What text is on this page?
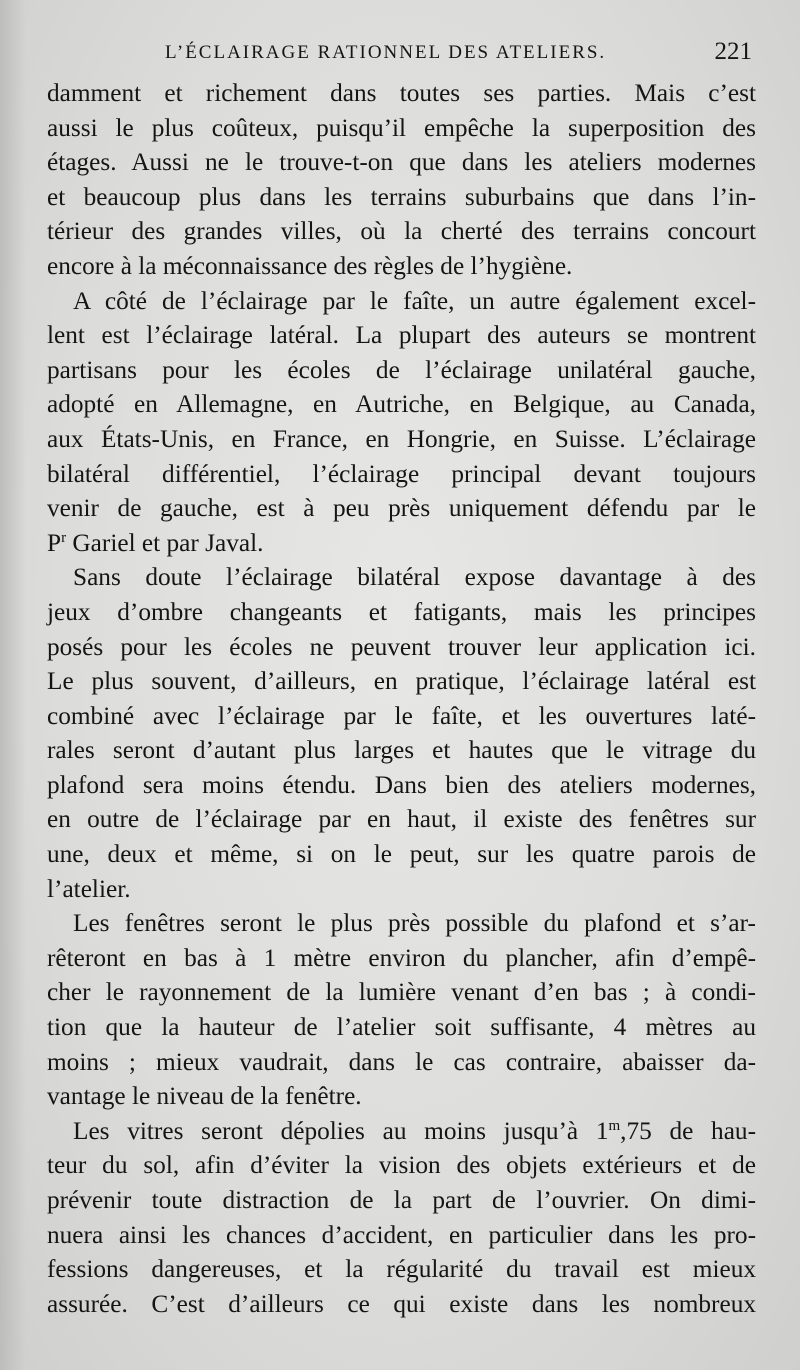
L’ÉCLAIRAGE RATIONNEL DES ATELIERS.	221
damment et richement dans toutes ses parties. Mais c’est
aussi le plus coûteux, puisqu’il empêche la superposition des
étages. Aussi ne le trouve-t-on que dans les ateliers modernes
et beaucoup plus dans les terrains suburbains que dans l’in-
térieur des grandes villes, où la cherté des terrains concourt
encore à la méconnaissance des règles de l’hygiène.
A côté de l’éclairage par le faîte, un autre également excel-
lent est l’éclairage latéral. La plupart des auteurs se montrent
partisans pour les écoles de l’éclairage unilatéral gauche,
adopté en Allemagne, en Autriche, en Belgique, au Canada,
aux États-Unis, en France, en Hongrie, en Suisse. L’éclairage
bilatéral différentiel, l’éclairage principal devant toujours
venir de gauche, est à peu près uniquement défendu par le
$P^r$ Gariel et par Javal.
Sans doute l’éclairage bilatéral expose davantage à des
jeux d’ombre changeants et fatigants, mais les principes
posés pour les écoles ne peuvent trouver leur application ici.
Le plus souvent, d’ailleurs, en pratique, l’éclairage latéral est
combiné avec l’éclairage par le faîte, et les ouvertures laté-
rales seront d’autant plus larges et hautes que le vitrage du
plafond sera moins étendu. Dans bien des ateliers modernes,
en outre de l’éclairage par en haut, il existe des fenêtres sur
une, deux et même, si on le peut, sur les quatre parois de
l’atelier.
Les fenêtres seront le plus près possible du plafond et s’ar-
rêteront en bas à 1 mètre environ du plancher, afin d’empê-
cher le rayonnement de la lumière venant d’en bas ; à condi-
tion que la hauteur de l’atelier soit suffisante, 4 mètres au
moins ; mieux vaudrait, dans le cas contraire, abaisser da-
vantage le niveau de la fenêtre.
Les vitres seront dépolies au moins jusqu’à 1$^m$,75 de hau-
teur du sol, afin d’éviter la vision des objets extérieurs et de
prévenir toute distraction de la part de l’ouvrier. On dimi-
nuera ainsi les chances d’accident, en particulier dans les pro-
fessions dangereuses, et la régularité du travail est mieux
assurée. C’est d’ailleurs ce qui existe dans les nombreux
